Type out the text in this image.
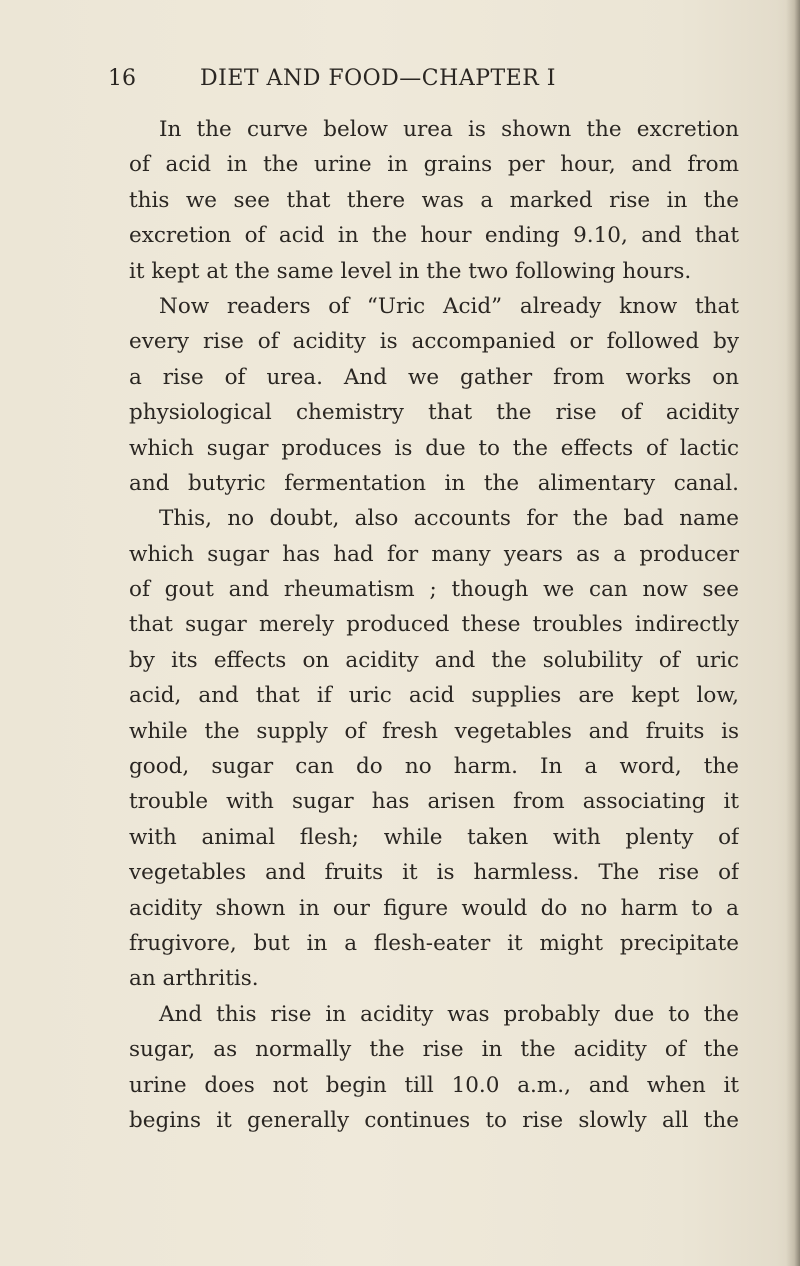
16	DIET AND FOOD—CHAPTER I
In the curve below urea is shown the excretion
of acid in the urine in grains per hour, and from
this we see that there was a marked rise in the
excretion of acid in the hour ending 9.10, and that
it kept at the same level in the two following hours.
Now readers of “Uric Acid” already know that
every rise of acidity is accompanied or followed by
a rise of urea. And we gather from works on
physiological chemistry that the rise of acidity
which sugar produces is due to the effects of lactic
and butyric fermentation in the alimentary canal.
This, no doubt, also accounts for the bad name
which sugar has had for many years as a producer
of gout and rheumatism ; though we can now see
that sugar merely produced these troubles indirectly
by its effects on acidity and the solubility of uric
acid, and that if uric acid supplies are kept low,
while the supply of fresh vegetables and fruits is
good, sugar can do no harm. In a word, the
trouble with sugar has arisen from associating it
with animal flesh; while taken with plenty of
vegetables and fruits it is harmless. The rise of
acidity shown in our figure would do no harm to a
frugivore, but in a flesh-eater it might precipitate
an arthritis.
And this rise in acidity was probably due to the
sugar, as normally the rise in the acidity of the
urine does not begin till 10.0 a.m., and when it
begins it generally continues to rise slowly all the
